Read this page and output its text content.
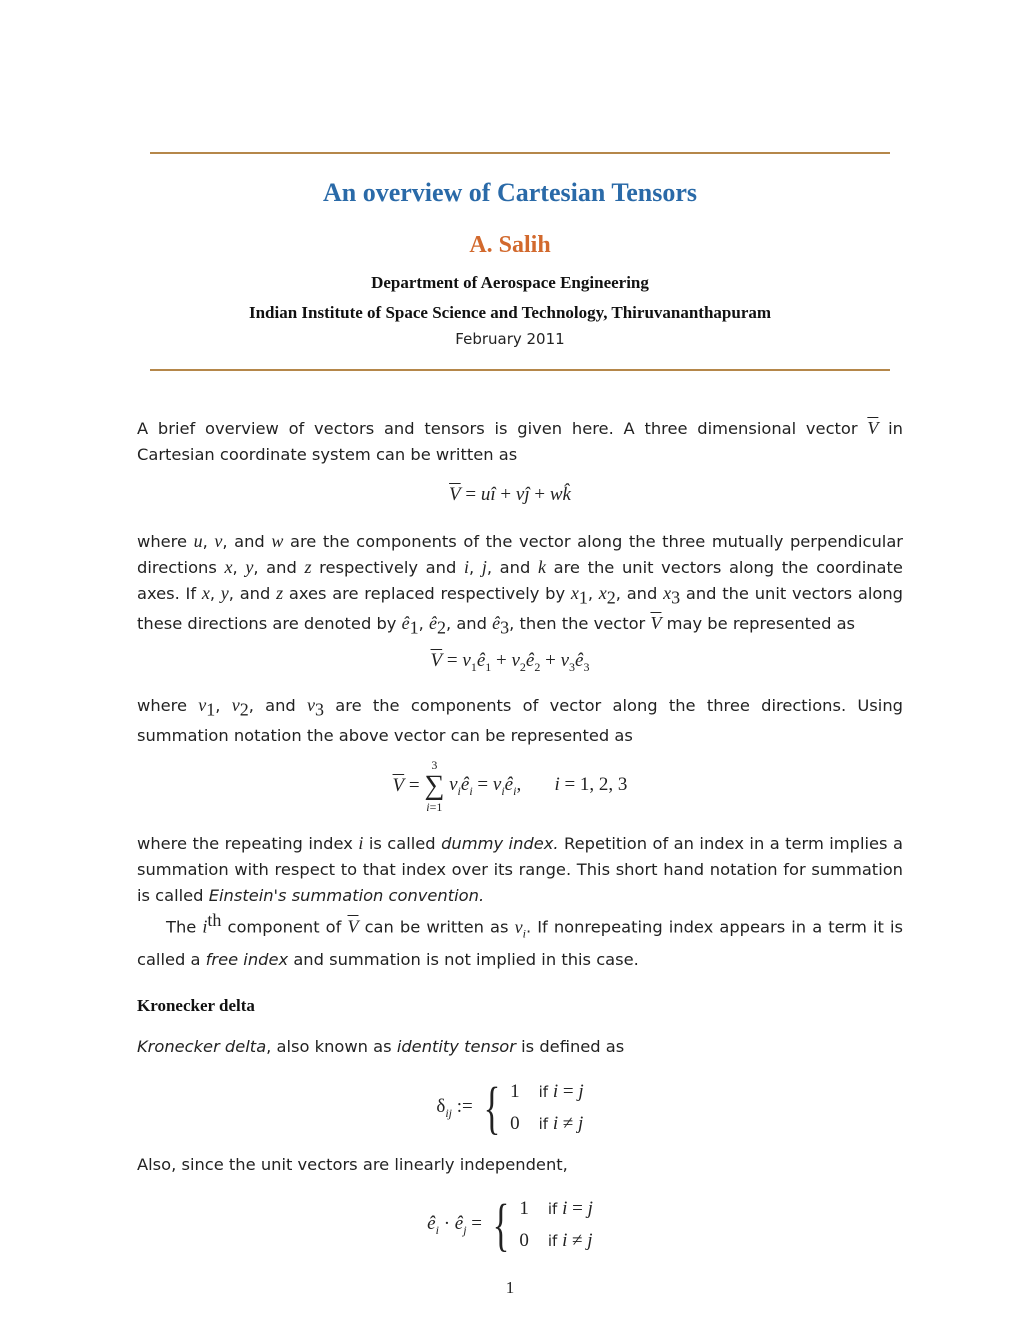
An overview of Cartesian Tensors
A. Salih
Department of Aerospace Engineering
Indian Institute of Space Science and Technology, Thiruvananthapuram
February 2011

A brief overview of vectors and tensors is given here. A three dimensional vector $\overline{V}$ in Cartesian coordinate system can be written as

$\overline{V}$ = uî + vĵ + wk̂

where u, v, and w are the components of the vector along the three mutually perpendicular directions x, y, and z respectively and i, j, and k are the unit vectors along the coordinate axes. If x, y, and z axes are replaced respectively by $x_1$, $x_2$, and $x_3$ and the unit vectors along these directions are denoted by $ê_1$, $ê_2$, and $ê_3$, then the vector $\overline{V}$ may be represented as

$\overline{V}$ = $v_1ê_1$ + $v_2ê_2$ + $v_3ê_3$

where $v_1$, $v_2$, and $v_3$ are the components of vector along the three directions. Using summation notation the above vector can be represented as

$\overline{V}$ =
3
∑
i=1
$v_iê_i$ = $v_iê_i$,       i = 1, 2, 3

where the repeating index i is called dummy index. Repetition of an index in a term implies a summation with respect to that index over its range. This short hand notation for summation is called Einstein's summation convention.
The $i^{th}$ component of $\overline{V}$ can be written as $v_i$. If nonrepeating index appears in a term it is called a free index and summation is not implied in this case.

Kronecker delta

Kronecker delta, also known as identity tensor is defined as

$\delta_{ij}$ := { 1    if i = j
0    if i ≠ j

Also, since the unit vectors are linearly independent,

$ê_i$ · $ê_j$ = { 1    if i = j
0    if i ≠ j
1
